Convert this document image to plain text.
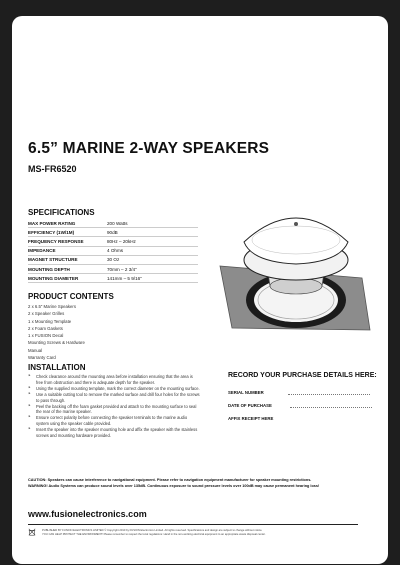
6.5” MARINE 2-WAY SPEAKERS
MS-FR6520
SPECIFICATIONS
MAX POWER RATING	200 Watts
EFFICIENCY (1W/1M)	90dB
FREQUENCY RESPONSE	80Hz – 20kHz
IMPEDANCE	4 Ohms
MAGNET STRUCTURE	30 Oz
MOUNTING DEPTH	70mm – 2 3/4”
MOUNTING DIAMETER	141mm – 5 9/16”
PRODUCT CONTENTS
2 x 6.5” Marine Speakers
2 x Speaker Grilles
1 x Mounting Template
2 x Foam Gaskets
1 x FUSION Decal
Mounting Screws & Hardware
Manual
Warranty Card
INSTALLATION
‣ Check clearance around the mounting area before installation ensuring that the area is free from obstruction and there is adequate depth for the speaker.
‣ Using the supplied mounting template, mark the correct diameter on the mounting surface.
‣ Use a suitable cutting tool to remove the marked surface and drill four holes for the screws to pass through.
‣ Peel the backing off the foam gasket provided and attach to the mounting surface to seal the rear of the marine speaker.
‣ Ensure correct polarity before connecting the speaker terminals to the marine audio system using the speaker cable provided.
‣ Insert the speaker into the speaker mounting hole and affix the speaker with the stainless screws and mounting hardware provided.
RECORD YOUR PURCHASE DETAILS HERE:
SERIAL NUMBER
DATE OF PURCHASE
AFFIX RECEIPT HERE
CAUTION: Speakers can cause interference to navigational equipment. Please refer to navigation equipment manufacturer for speaker mounting restrictions.
WARNING! Audio Systems can produce sound levels over 135dB. Continuous exposure to sound pressure levels over 100dB may cause permanent hearing loss!
www.fusionelectronics.com
PUBLISHED BY FUSION ELECTRONICS LIMITED © Copyright 2010 by FUSION Electronics Limited. All rights reserved. Specifications and design are subject to change without notice.
YOU CAN HELP PROTECT THE ENVIRONMENT! Please remember to respect the local regulations: Hand in the non-working electrical equipment to an appropriate waste disposal center.
